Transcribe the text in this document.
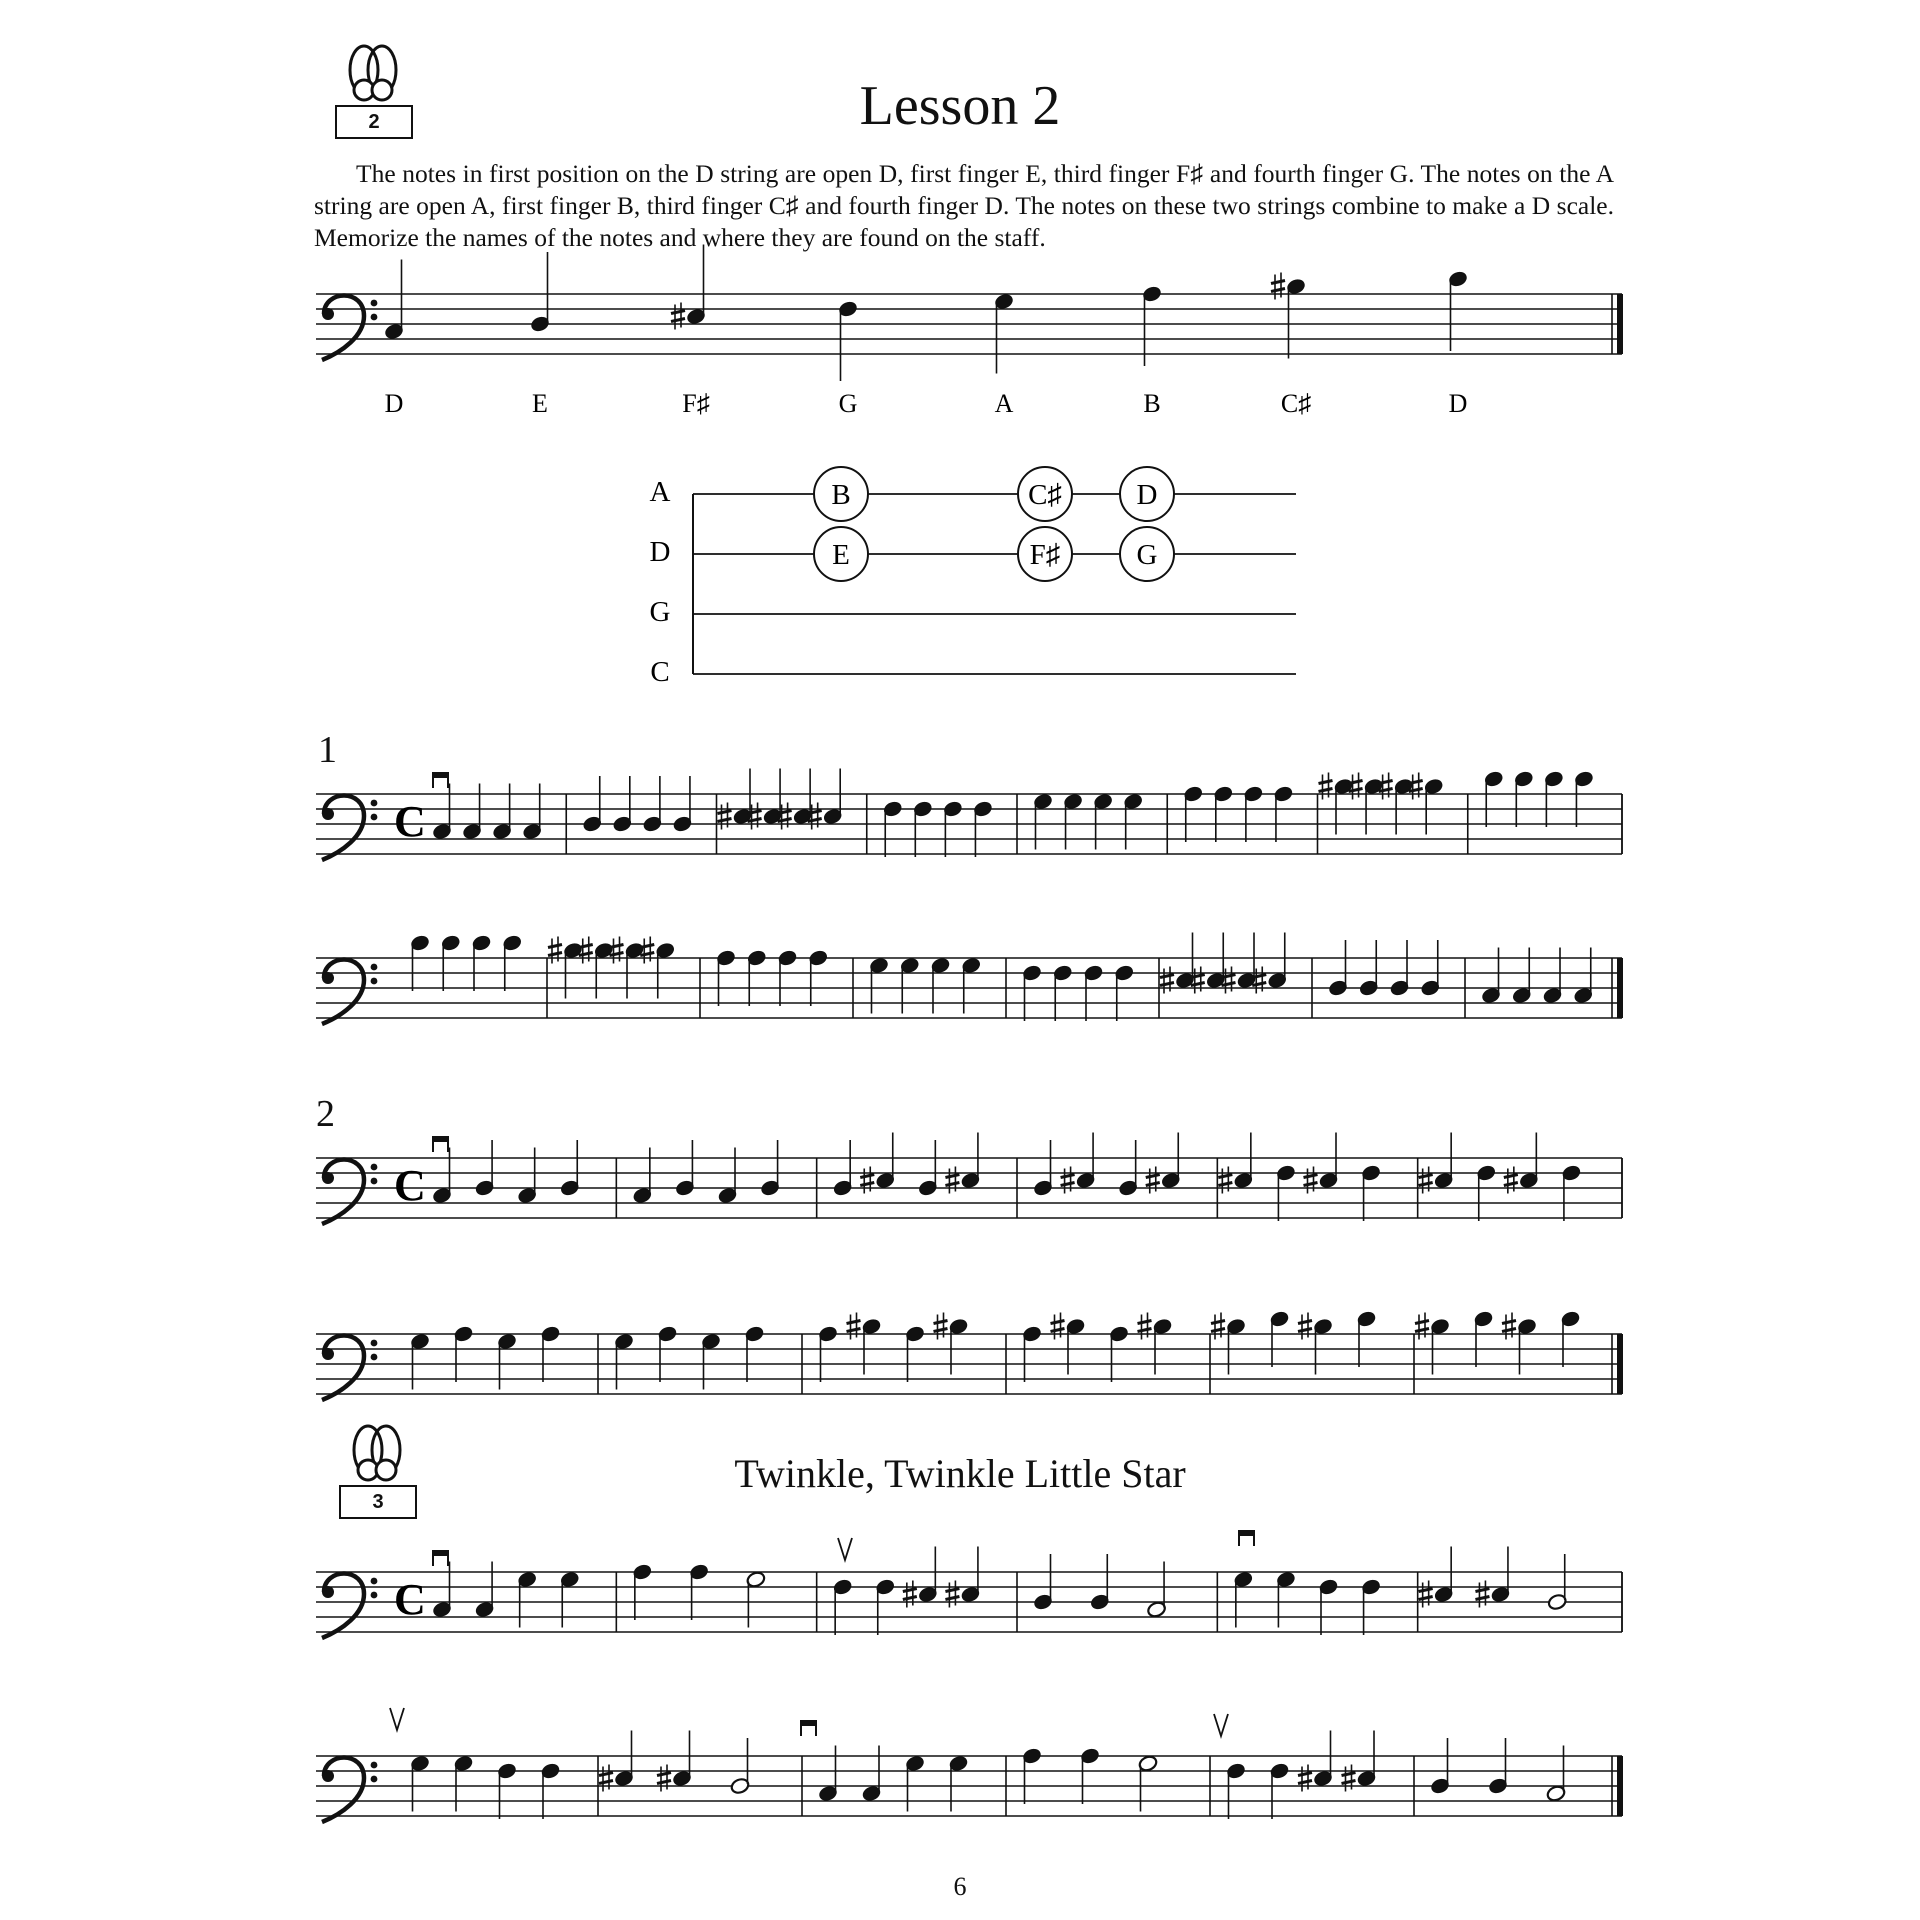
2	Lesson 2

The notes in first position on the D string are open D, first finger E, third finger F♯ and fourth finger G. The notes on the A string are open A, first finger B, third finger C♯ and fourth finger D. The notes on these two strings combine to make a D scale. Memorize the names of the notes and where they are found on the staff.

1
2
3
Twinkle, Twinkle Little Star
6
D	E	F♯	G	A	B	C♯	D
A
D
G
C
B	C♯	D
E	F♯	G
C
C
C
